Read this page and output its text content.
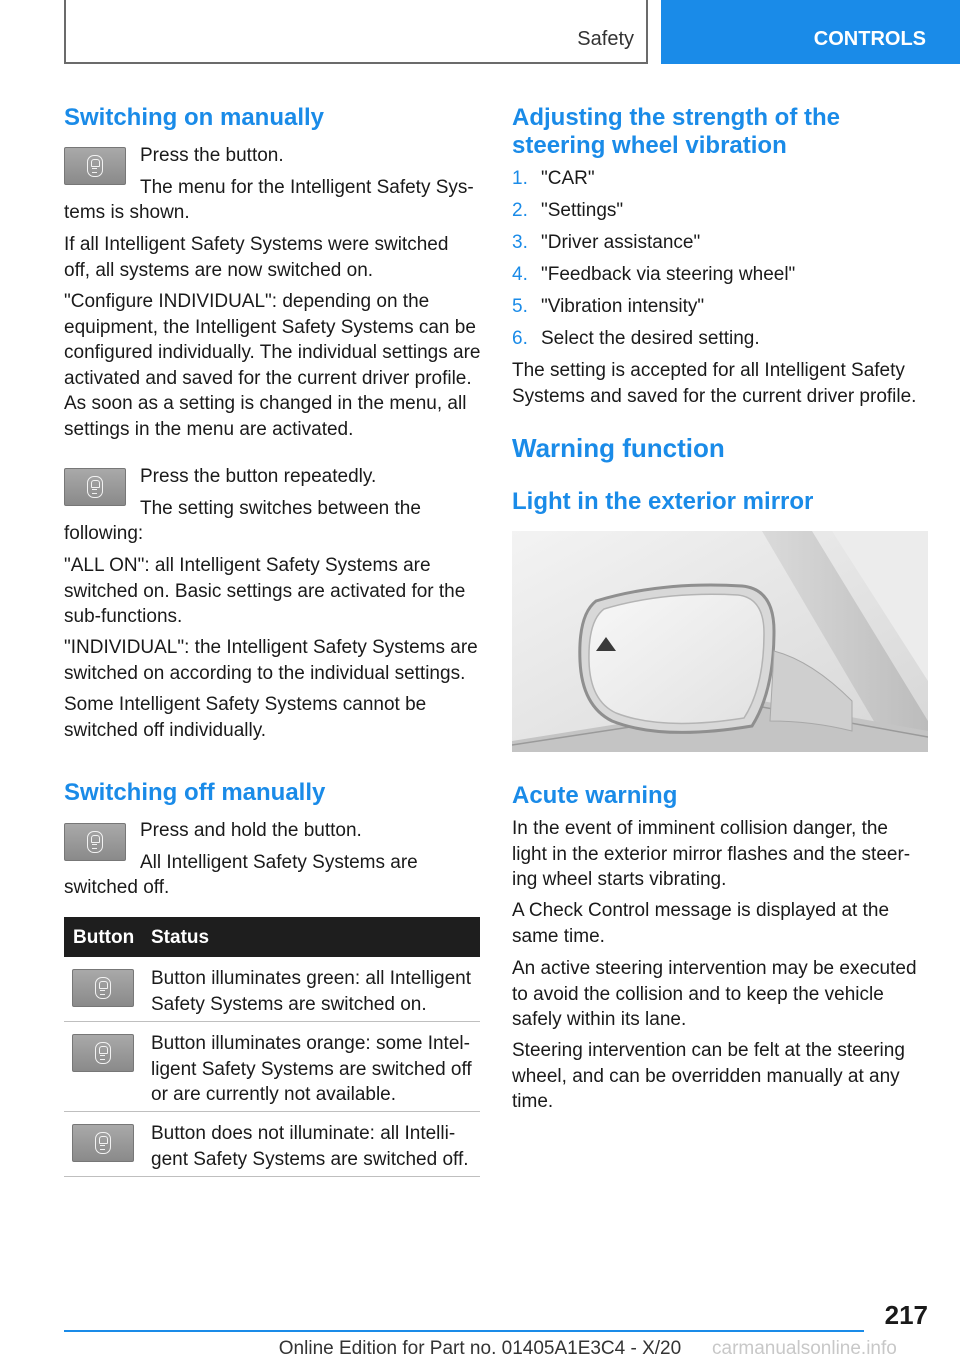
Safety	CONTROLS
Switching on manually

Press the button.

The menu for the Intelligent Safety Sys-

tems is shown.

If all Intelligent Safety Systems were switched off, all systems are now switched on.

"Configure INDIVIDUAL": depending on the equipment, the Intelligent Safety Systems can be configured individually. The individual settings are activated and saved for the current driver profile. As soon as a setting is changed in the menu, all settings in the menu are activated.

Press the button repeatedly.

The setting switches between the

following:

"ALL ON": all Intelligent Safety Systems are switched on. Basic settings are activated for the sub-functions.

"INDIVIDUAL": the Intelligent Safety Systems are switched on according to the individual settings.

Some Intelligent Safety Systems cannot be switched off individually.

Switching off manually

Press and hold the button.

All Intelligent Safety Systems are

switched off.

Button Status
Button illuminates green: all Intelligent Safety Systems are switched on.
Button illuminates orange: some Intel-ligent Safety Systems are switched off or are currently not available.
Button does not illuminate: all Intelli-gent Safety Systems are switched off.
Adjusting the strength of the steering wheel vibration
1. "CAR"
2. "Settings"
3. "Driver assistance"
4. "Feedback via steering wheel"
5. "Vibration intensity"
6. Select the desired setting.

The setting is accepted for all Intelligent Safety Systems and saved for the current driver profile.

Warning function
Light in the exterior mirror
Acute warning

In the event of imminent collision danger, the light in the exterior mirror flashes and the steer-ing wheel starts vibrating.

A Check Control message is displayed at the same time.

An active steering intervention may be executed to avoid the collision and to keep the vehicle safely within its lane.

Steering intervention can be felt at the steering wheel, and can be overridden manually at any time.

217
Online Edition for Part no. 01405A1E3C4 - X/20	carmanualsonline.info
